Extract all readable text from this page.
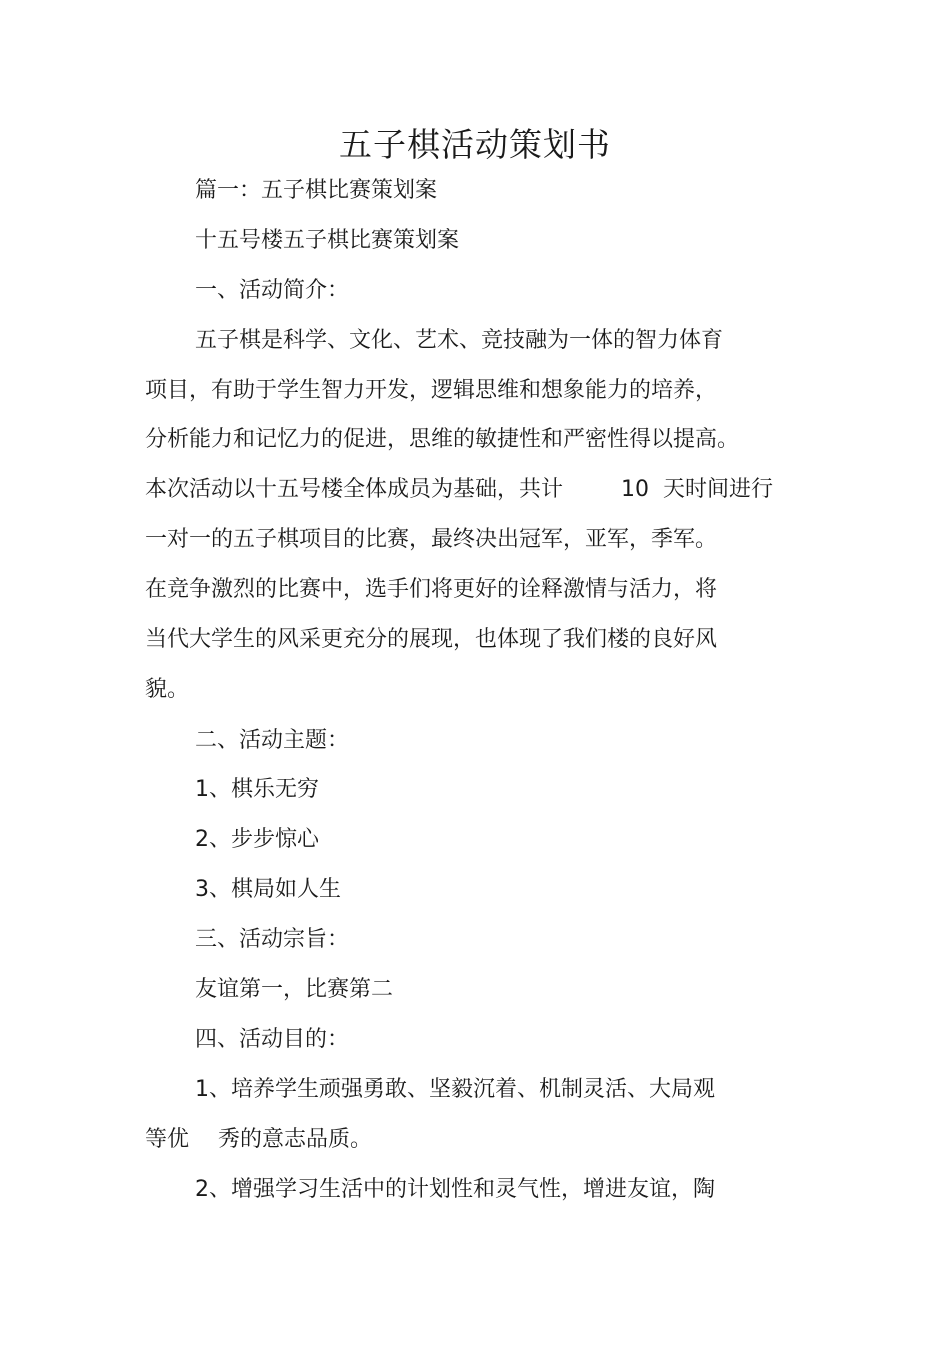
五子棋活动策划书
篇一：五子棋比赛策划案
十五号楼五子棋比赛策划案
一、活动简介：
五子棋是科学、文化、艺术、竞技融为一体的智力体育
项目，有助于学生智力开发，逻辑思维和想象能力的培养，
分析能力和记忆力的促进，思维的敏捷性和严密性得以提高。
本次活动以十五号楼全体成员为基础，共计　　  10  天时间进行
一对一的五子棋项目的比赛，最终决出冠军，亚军，季军。
在竞争激烈的比赛中，选手们将更好的诠释激情与活力，将
当代大学生的风采更充分的展现，也体现了我们楼的良好风
貌。
二、活动主题：
1、棋乐无穷
2、步步惊心
3、棋局如人生
三、活动宗旨：
友谊第一，比赛第二
四、活动目的：
1、培养学生顽强勇敢、坚毅沉着、机制灵活、大局观
等优　 秀的意志品质。
2、增强学习生活中的计划性和灵气性，增进友谊，陶
